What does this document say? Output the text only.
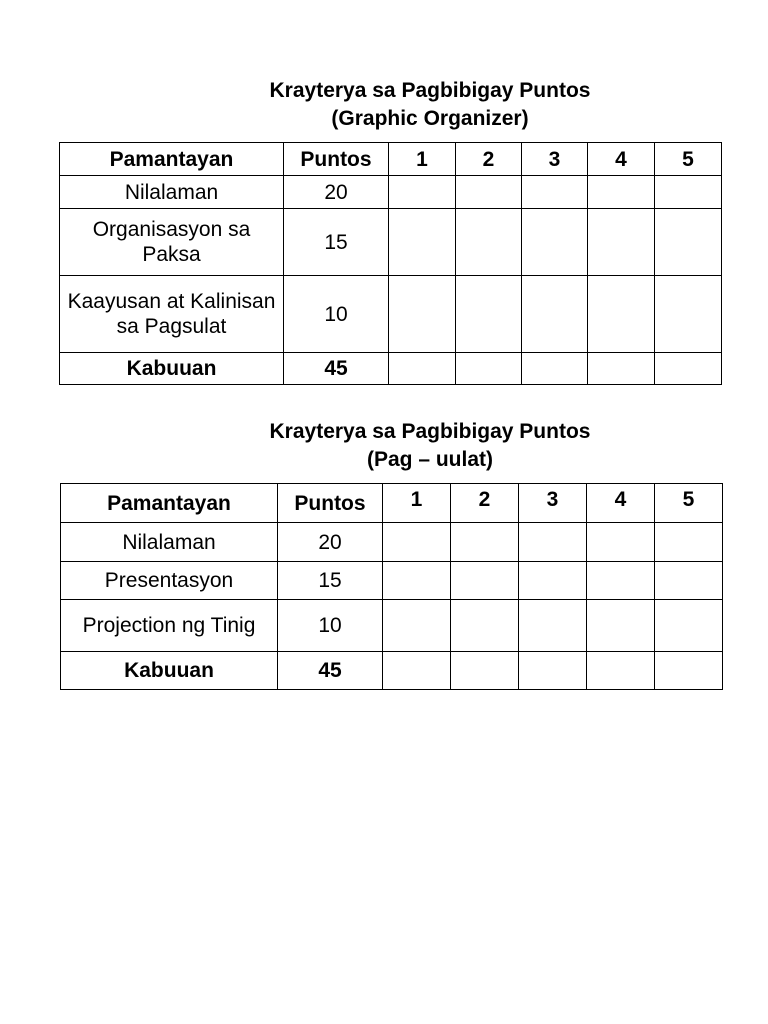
Krayterya sa Pagbibigay Puntos
(Graphic Organizer)
Pamantayan	Puntos	1	2	3	4	5
Nilalaman	20					
Organisasyon sa Paksa	15					
Kaayusan at Kalinisan sa Pagsulat	10					
Kabuuan	45					
Krayterya sa Pagbibigay Puntos
(Pag – uulat)
Pamantayan	Puntos	1	2	3	4	5
Nilalaman	20					
Presentasyon	15					
Projection ng Tinig	10					
Kabuuan	45					
